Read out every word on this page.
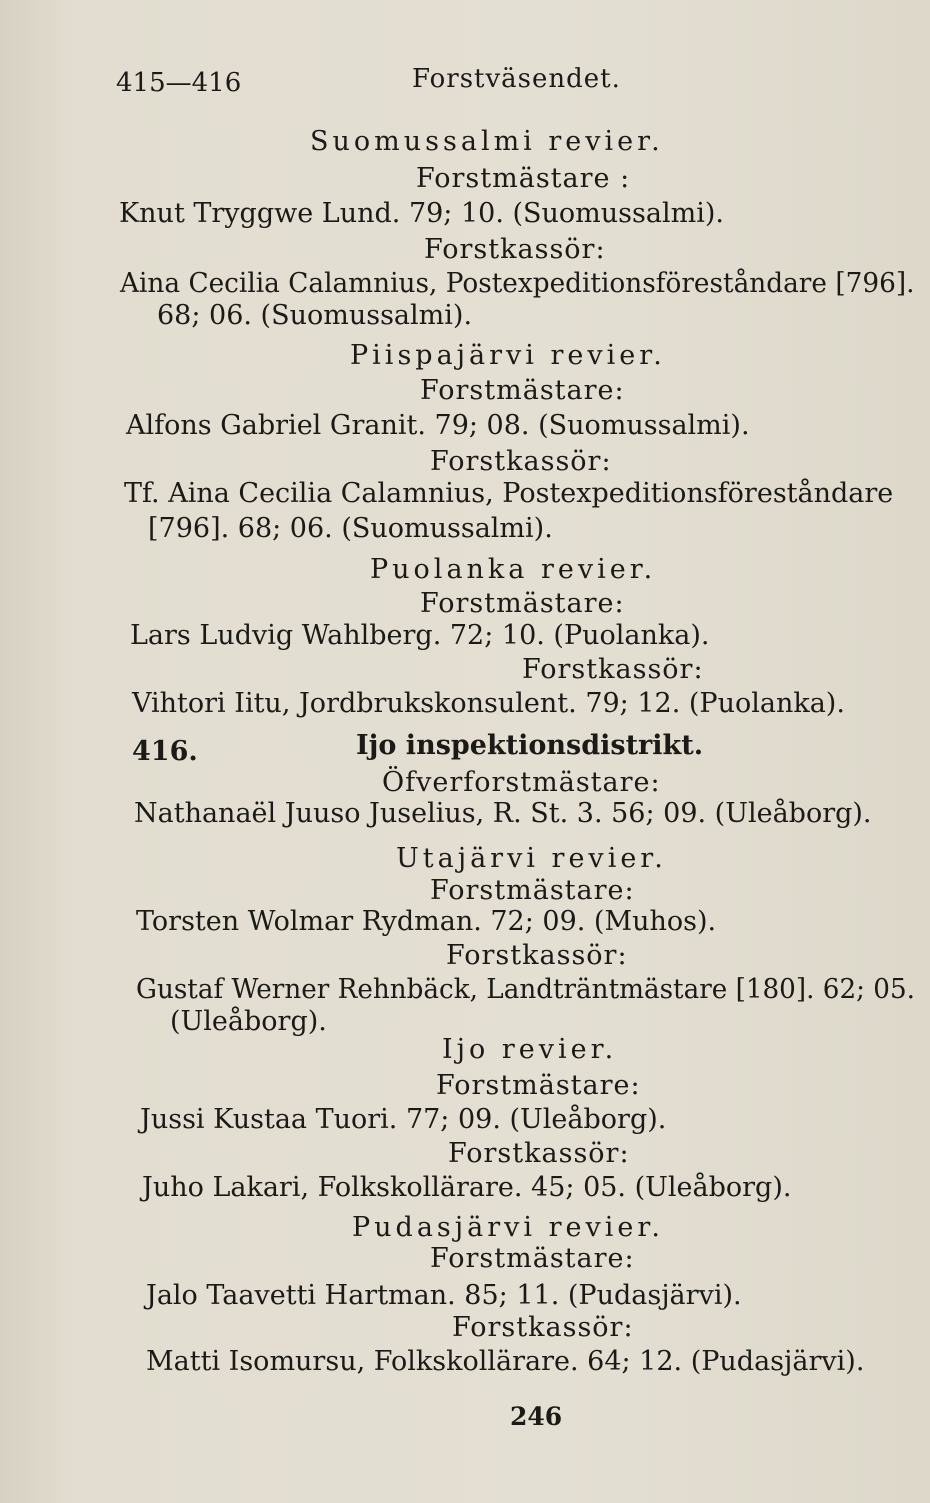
415—416	Forstväsendet.
Suomussalmi revier.
Forstmästare :
Knut Tryggwe Lund. 79; 10. (Suomussalmi).
Forstkassör:
Aina Cecilia Calamnius, Postexpeditionsföreståndare [796].
68; 06. (Suomussalmi).
Piispajärvi revier.
Forstmästare:
Alfons Gabriel Granit. 79; 08. (Suomussalmi).
Forstkassör:
Tf. Aina Cecilia Calamnius, Postexpeditionsföreståndare
[796]. 68; 06. (Suomussalmi).
Puolanka revier.
Forstmästare:
Lars Ludvig Wahlberg. 72; 10. (Puolanka).
Forstkassör:
Vihtori Iitu, Jordbrukskonsulent. 79; 12. (Puolanka).
416.	Ijo inspektionsdistrikt.
Öfverforstmästare:
Nathanaël Juuso Juselius, R. St. 3. 56; 09. (Uleåborg).
Utajärvi revier.
Forstmästare:
Torsten Wolmar Rydman. 72; 09. (Muhos).
Forstkassör:
Gustaf Werner Rehnbäck, Landträntmästare [180]. 62; 05.
(Uleåborg).
Ijo revier.
Forstmästare:
Jussi Kustaa Tuori. 77; 09. (Uleåborg).
Forstkassör:
Juho Lakari, Folkskollärare. 45; 05. (Uleåborg).
Pudasjärvi revier.
Forstmästare:
Jalo Taavetti Hartman. 85; 11. (Pudasjärvi).
Forstkassör:
Matti Isomursu, Folkskollärare. 64; 12. (Pudasjärvi).
246
